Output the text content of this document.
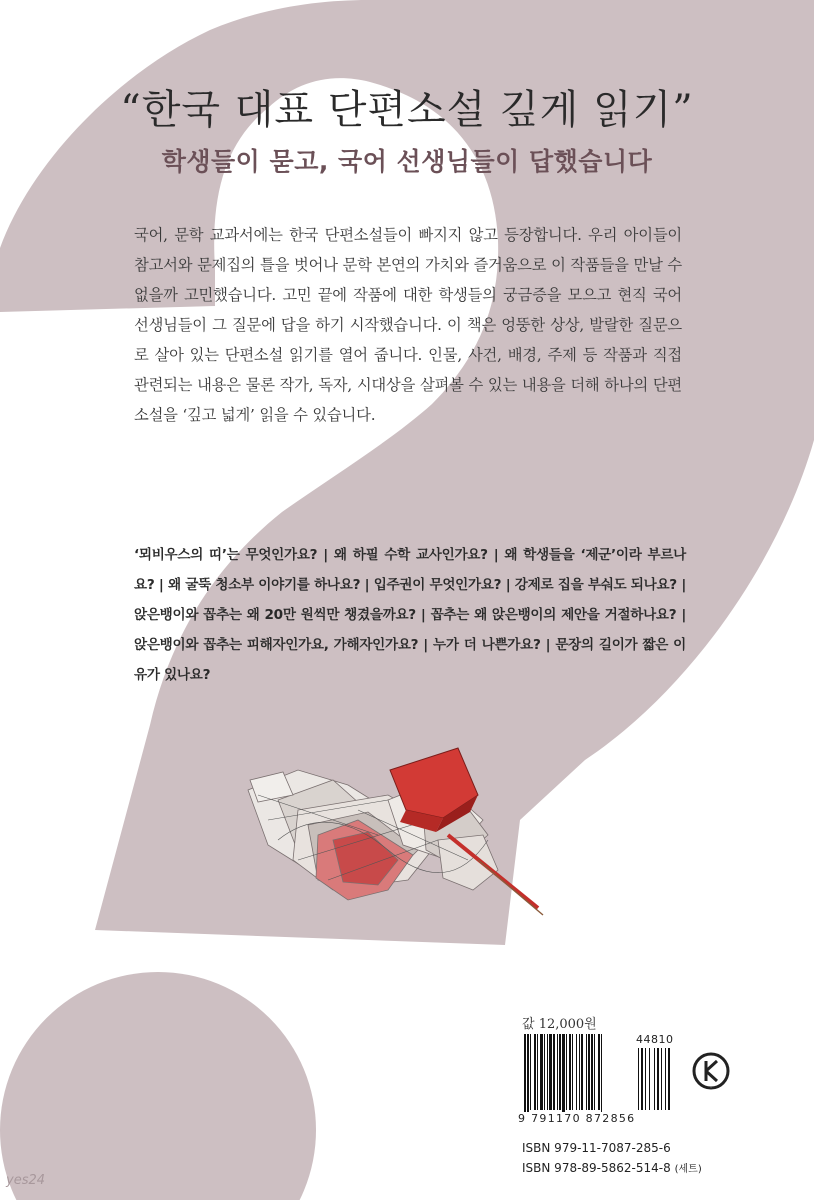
“한국 대표 단편소설 깊게 읽기”
학생들이 묻고, 국어 선생님들이 답했습니다
국어, 문학 교과서에는 한국 단편소설들이 빠지지 않고 등장합니다. 우리 아이들이 참고서와 문제집의 틀을 벗어나 문학 본연의 가치와 즐거움으로 이 작품들을 만날 수 없을까 고민했습니다. 고민 끝에 작품에 대한 학생들의 궁금증을 모으고 현직 국어 선생님들이 그 질문에 답을 하기 시작했습니다. 이 책은 엉뚱한 상상, 발랄한 질문으로 살아 있는 단편소설 읽기를 열어 줍니다. 인물, 사건, 배경, 주제 등 작품과 직접 관련되는 내용은 물론 작가, 독자, 시대상을 살펴볼 수 있는 내용을 더해 하나의 단편소설을 ‘깊고 넓게’ 읽을 수 있습니다.
‘뫼비우스의 띠’는 무엇인가요? | 왜 하필 수학 교사인가요? | 왜 학생들을 ‘제군’이라 부르나요? | 왜 굴뚝 청소부 이야기를 하나요? | 입주권이 무엇인가요? | 강제로 집을 부숴도 되나요? | 앉은뱅이와 꼽추는 왜 20만 원씩만 챙겼을까요? | 꼽추는 왜 앉은뱅이의 제안을 거절하나요? | 앉은뱅이와 꼽추는 피해자인가요, 가해자인가요? | 누가 더 나쁜가요? | 문장의 길이가 짧은 이유가 있나요?
값 12,000원
44810
9 791170 872856
KC
ISBN 979-11-7087-285-6
ISBN 978-89-5862-514-8 (세트)
yes24
